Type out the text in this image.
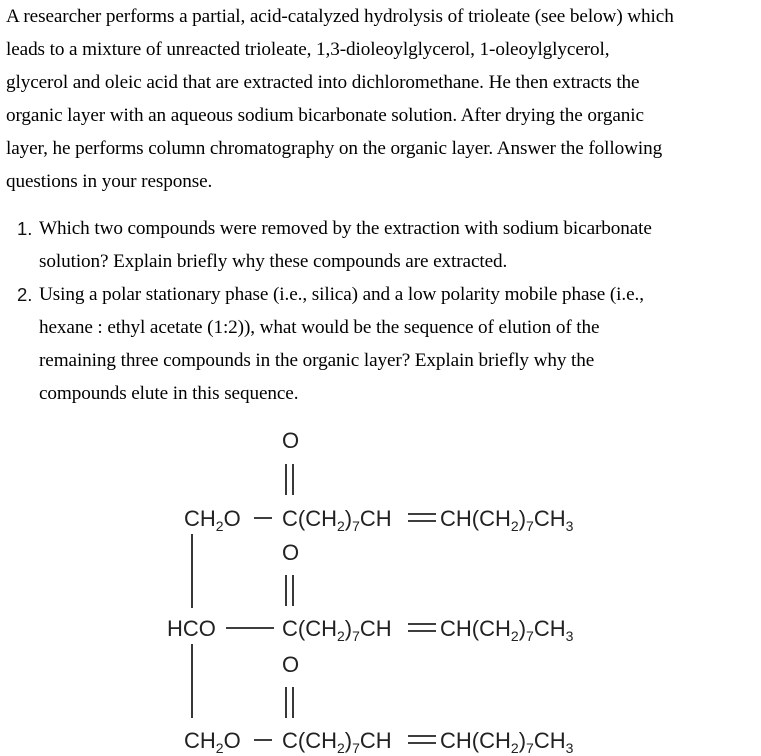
A researcher performs a partial, acid-catalyzed hydrolysis of trioleate (see below) which
leads to a mixture of unreacted trioleate, 1,3-dioleoylglycerol, 1-oleoylglycerol,
glycerol and oleic acid that are extracted into dichloromethane. He then extracts the
organic layer with an aqueous sodium bicarbonate solution. After drying the organic
layer, he performs column chromatography on the organic layer. Answer the following
questions in your response.

1. Which two compounds were removed by the extraction with sodium bicarbonate
solution? Explain briefly why these compounds are extracted.
2. Using a polar stationary phase (i.e., silica) and a low polarity mobile phase (i.e.,
hexane : ethyl acetate (1:2)), what would be the sequence of elution of the
remaining three compounds in the organic layer? Explain briefly why the
compounds elute in this sequence.
O
$CH_2O$ $C(CH_2)_7CH$ $CH(CH_2)_7CH_3$
O
HCO	$C(CH_2)_7CH$ $CH(CH_2)_7CH_3$
O
$CH_2O$ $C(CH_2)_7CH$ $CH(CH_2)_7CH_3$
